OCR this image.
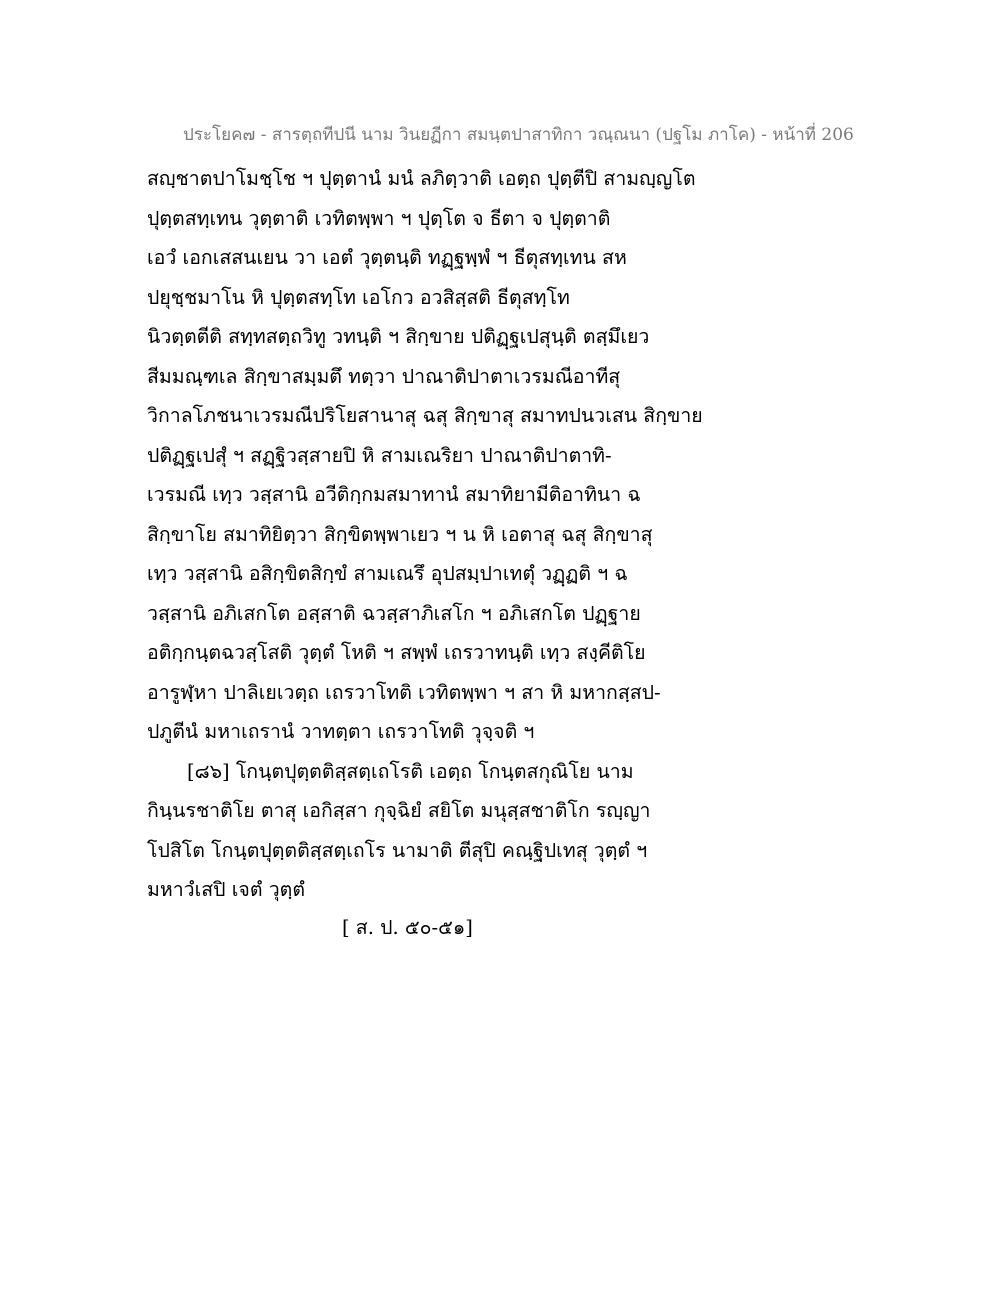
ประโยค๗ - สารตฺถทีปนี นาม วินยฏีกา สมนฺตปาสาทิกา วณฺณนา (ปฐโม ภาโค) - หน้าที่ 206
สญฺชาตปาโมชฺโช ฯ ปุตฺตานํ มนํ ลภิตฺวาติ เอตฺถ ปุตฺตีปิ สามญฺญโต
ปุตฺตสทฺเทน วุตฺตาติ เวทิตพฺพา ฯ ปุตฺโต จ ธีตา จ ปุตฺตาติ
เอวํ เอกเสสนเยน วา เอตํ วุตฺตนฺติ ทฏฺฐพฺพํ ฯ ธีตุสทฺเทน สห
ปยุชฺชมาโน หิ ปุตฺตสทฺโท เอโกว อวสิสฺสติ ธีตุสทฺโท
นิวตฺตตีติ สทฺทสตฺถวิทู วทนฺติ ฯ สิกฺขาย ปติฏฺฐเปสุนฺติ ตสฺมึเยว
สีมมณฺฑเล สิกฺขาสมฺมตึ ทตฺวา ปาณาติปาตาเวรมณีอาทีสุ
วิกาลโภชนาเวรมณีปริโยสานาสุ ฉสุ สิกฺขาสุ สมาทปนวเสน สิกฺขาย
ปติฏฺฐเปสุํ ฯ สฏฺฐิวสฺสายปิ หิ สามเณริยา ปาณาติปาตาทิ-
เวรมณี เทฺว วสฺสานิ อวีติกฺกมสมาทานํ สมาทิยามีติอาทินา ฉ
สิกฺขาโย สมาทิยิตฺวา สิกฺขิตพฺพาเยว ฯ น หิ เอตาสุ ฉสุ สิกฺขาสุ
เทฺว วสฺสานิ อสิกฺขิตสิกฺขํ สามเณรึ อุปสมฺปาเทตุํ วฏฺฏติ ฯ ฉ
วสฺสานิ อภิเสกโต อสฺสาติ ฉวสฺสาภิเสโก ฯ อภิเสกโต ปฏฺฐาย
อติกฺกนฺตฉวสฺโสติ วุตฺตํ โหติ ฯ สพฺพํ เถรวาทนฺติ เทฺว สงฺคีติโย
อารูฬฺหา ปาลิเยเวตฺถ เถรวาโทติ เวทิตพฺพา ฯ สา หิ มหากสฺสป-
ปภูตีนํ มหาเถรานํ วาทตฺตา เถรวาโทติ วุจฺจติ ฯ
[๘๖] โกนฺตปุตฺตติสฺสตฺเถโรติ เอตฺถ โกนฺตสกุณิโย นาม
กินฺนรชาติโย ตาสุ เอกิสฺสา กุจฺฉิยํ สยิโต มนุสฺสชาติโก รญฺญา
โปสิโต โกนฺตปุตฺตติสฺสตฺเถโร นามาติ ตีสุปิ คณฺฐิปเทสุ วุตฺตํ ฯ
มหาวํเสปิ เจตํ วุตฺตํ
[ ส. ป. ๕๐-๕๑]
